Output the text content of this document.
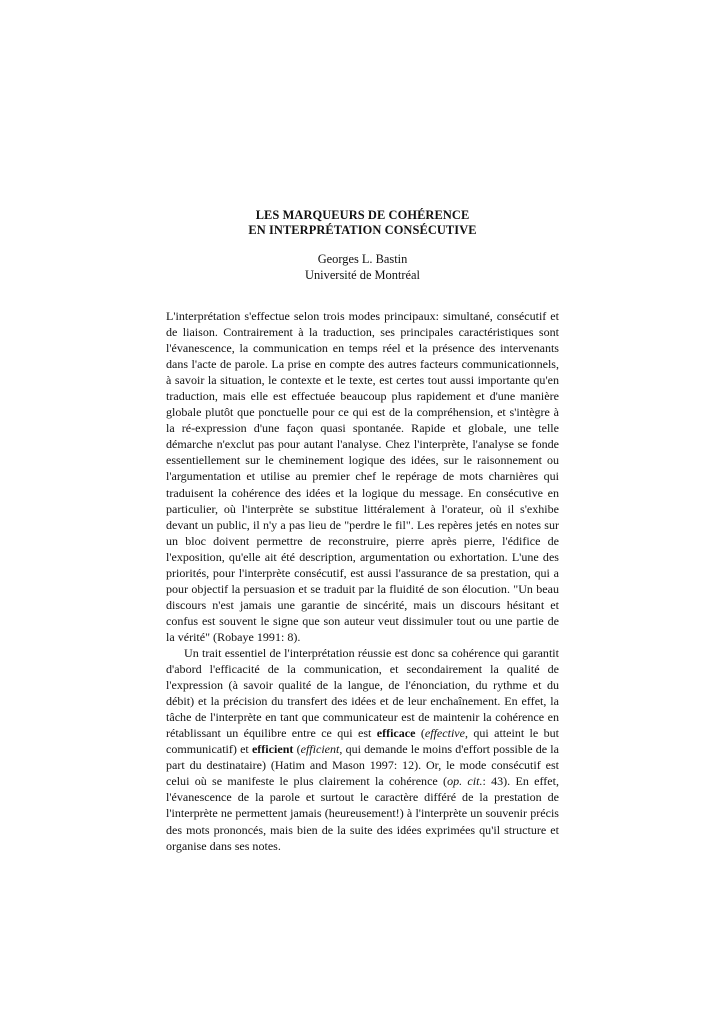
LES MARQUEURS DE COHÉRENCE
EN INTERPRÉTATION CONSÉCUTIVE
Georges L. Bastin
Université de Montréal

L'interprétation s'effectue selon trois modes principaux: simultané, consécutif et de liaison. Contrairement à la traduction, ses principales caractéristiques sont l'évanescence, la communication en temps réel et la présence des intervenants dans l'acte de parole. La prise en compte des autres facteurs communicationnels, à savoir la situation, le contexte et le texte, est certes tout aussi importante qu'en traduction, mais elle est effectuée beaucoup plus rapidement et d'une manière globale plutôt que ponctuelle pour ce qui est de la compréhension, et s'intègre à la ré-expression d'une façon quasi spontanée. Rapide et globale, une telle démarche n'exclut pas pour autant l'analyse. Chez l'interprète, l'analyse se fonde essentiellement sur le cheminement logique des idées, sur le raisonnement ou l'argumentation et utilise au premier chef le repérage de mots charnières qui traduisent la cohérence des idées et la logique du message. En consécutive en particulier, où l'interprète se substitue littéralement à l'orateur, où il s'exhibe devant un public, il n'y a pas lieu de "perdre le fil". Les repères jetés en notes sur un bloc doivent permettre de reconstruire, pierre après pierre, l'édifice de l'exposition, qu'elle ait été description, argumentation ou exhortation. L'une des priorités, pour l'interprète consécutif, est aussi l'assurance de sa prestation, qui a pour objectif la persuasion et se traduit par la fluidité de son élocution. "Un beau discours n'est jamais une garantie de sincérité, mais un discours hésitant et confus est souvent le signe que son auteur veut dissimuler tout ou une partie de la vérité" (Robaye 1991: 8).

Un trait essentiel de l'interprétation réussie est donc sa cohérence qui garantit d'abord l'efficacité de la communication, et secondairement la qualité de l'expression (à savoir qualité de la langue, de l'énonciation, du rythme et du débit) et la précision du transfert des idées et de leur enchaînement. En effet, la tâche de l'interprète en tant que communicateur est de maintenir la cohérence en rétablissant un équilibre entre ce qui est efficace (effective, qui atteint le but communicatif) et efficient (efficient, qui demande le moins d'effort possible de la part du destinataire) (Hatim and Mason 1997: 12). Or, le mode consécutif est celui où se manifeste le plus clairement la cohérence (op. cit.: 43). En effet, l'évanescence de la parole et surtout le caractère différé de la prestation de l'interprète ne permettent jamais (heureusement!) à l'interprète un souvenir précis des mots prononcés, mais bien de la suite des idées exprimées qu'il structure et organise dans ses notes.
